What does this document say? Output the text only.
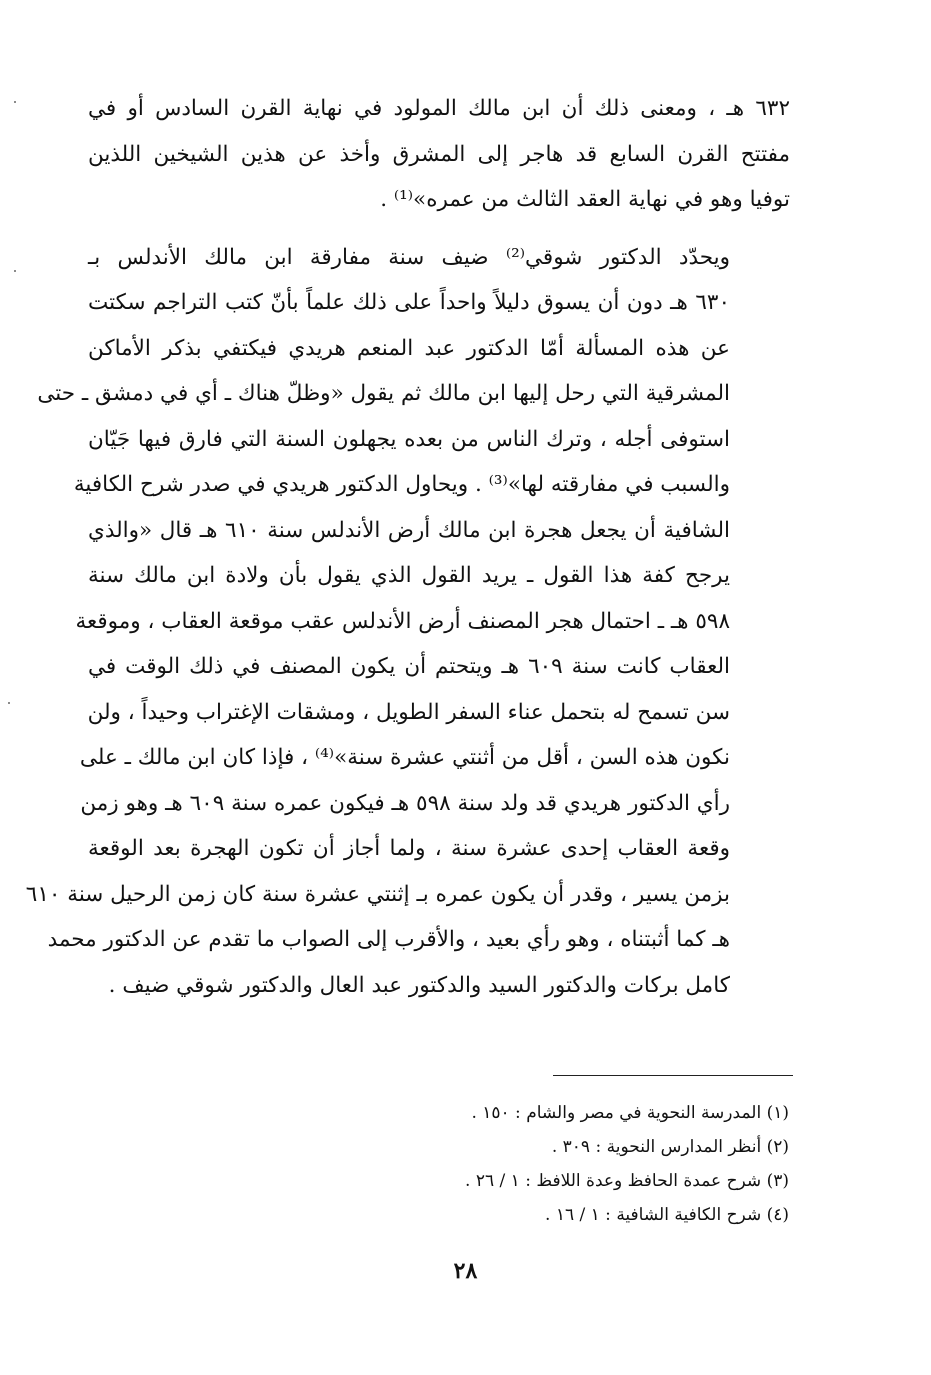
٦٣٢ هـ ، ومعنى ذلك أن ابن مالك المولود في نهاية القرن السادس أو في
مفتتح القرن السابع قد هاجر إلى المشرق وأخذ عن هذين الشيخين اللذين
توفيا وهو في نهاية العقد الثالث من عمره»⁽¹⁾ .

ويحدّد الدكتور شوقي⁽²⁾ ضيف سنة مفارقة ابن مالك الأندلس بـ
٦٣٠ هـ دون أن يسوق دليلاً واحداً على ذلك علماً بأنّ كتب التراجم سكتت
عن هذه المسألة أمّا الدكتور عبد المنعم هريدي فيكتفي بذكر الأماكن
المشرقية التي رحل إليها ابن مالك ثم يقول «وظلّ هناك ـ أي في دمشق ـ حتى
استوفى أجله ، وترك الناس من بعده يجهلون السنة التي فارق فيها جَيّان
والسبب في مفارقته لها»⁽³⁾ . ويحاول الدكتور هريدي في صدر شرح الكافية
الشافية أن يجعل هجرة ابن مالك أرض الأندلس سنة ٦١٠ هـ قال «والذي
يرجح كفة هذا القول ـ يريد القول الذي يقول بأن ولادة ابن مالك سنة
٥٩٨ هـ ـ احتمال هجر المصنف أرض الأندلس عقب موقعة العقاب ، وموقعة
العقاب كانت سنة ٦٠٩ هـ ويتحتم أن يكون المصنف في ذلك الوقت في
سن تسمح له بتحمل عناء السفر الطويل ، ومشقات الإغتراب وحيداً ، ولن
نكون هذه السن ، أقل من أثنتي عشرة سنة»⁽⁴⁾ ، فإذا كان ابن مالك ـ على
رأي الدكتور هريدي قد ولد سنة ٥٩٨ هـ فيكون عمره سنة ٦٠٩ هـ وهو زمن
وقعة العقاب إحدى عشرة سنة ، ولما أجاز أن تكون الهجرة بعد الوقعة
بزمن يسير ، وقدر أن يكون عمره بـ إثنتي عشرة سنة كان زمن الرحيل سنة ٦١٠
هـ كما أثبتناه ، وهو رأي بعيد ، والأقرب إلى الصواب ما تقدم عن الدكتور محمد
كامل بركات والدكتور السيد والدكتور عبد العال والدكتور شوقي ضيف .

(١) المدرسة النحوية في مصر والشام : ١٥٠ .
(٢) أنظر المدارس النحوية : ٣٠٩ .
(٣) شرح عمدة الحافظ وعدة اللافظ : ١ / ٢٦ .
(٤) شرح الكافية الشافية : ١ / ١٦ .
٢٨
